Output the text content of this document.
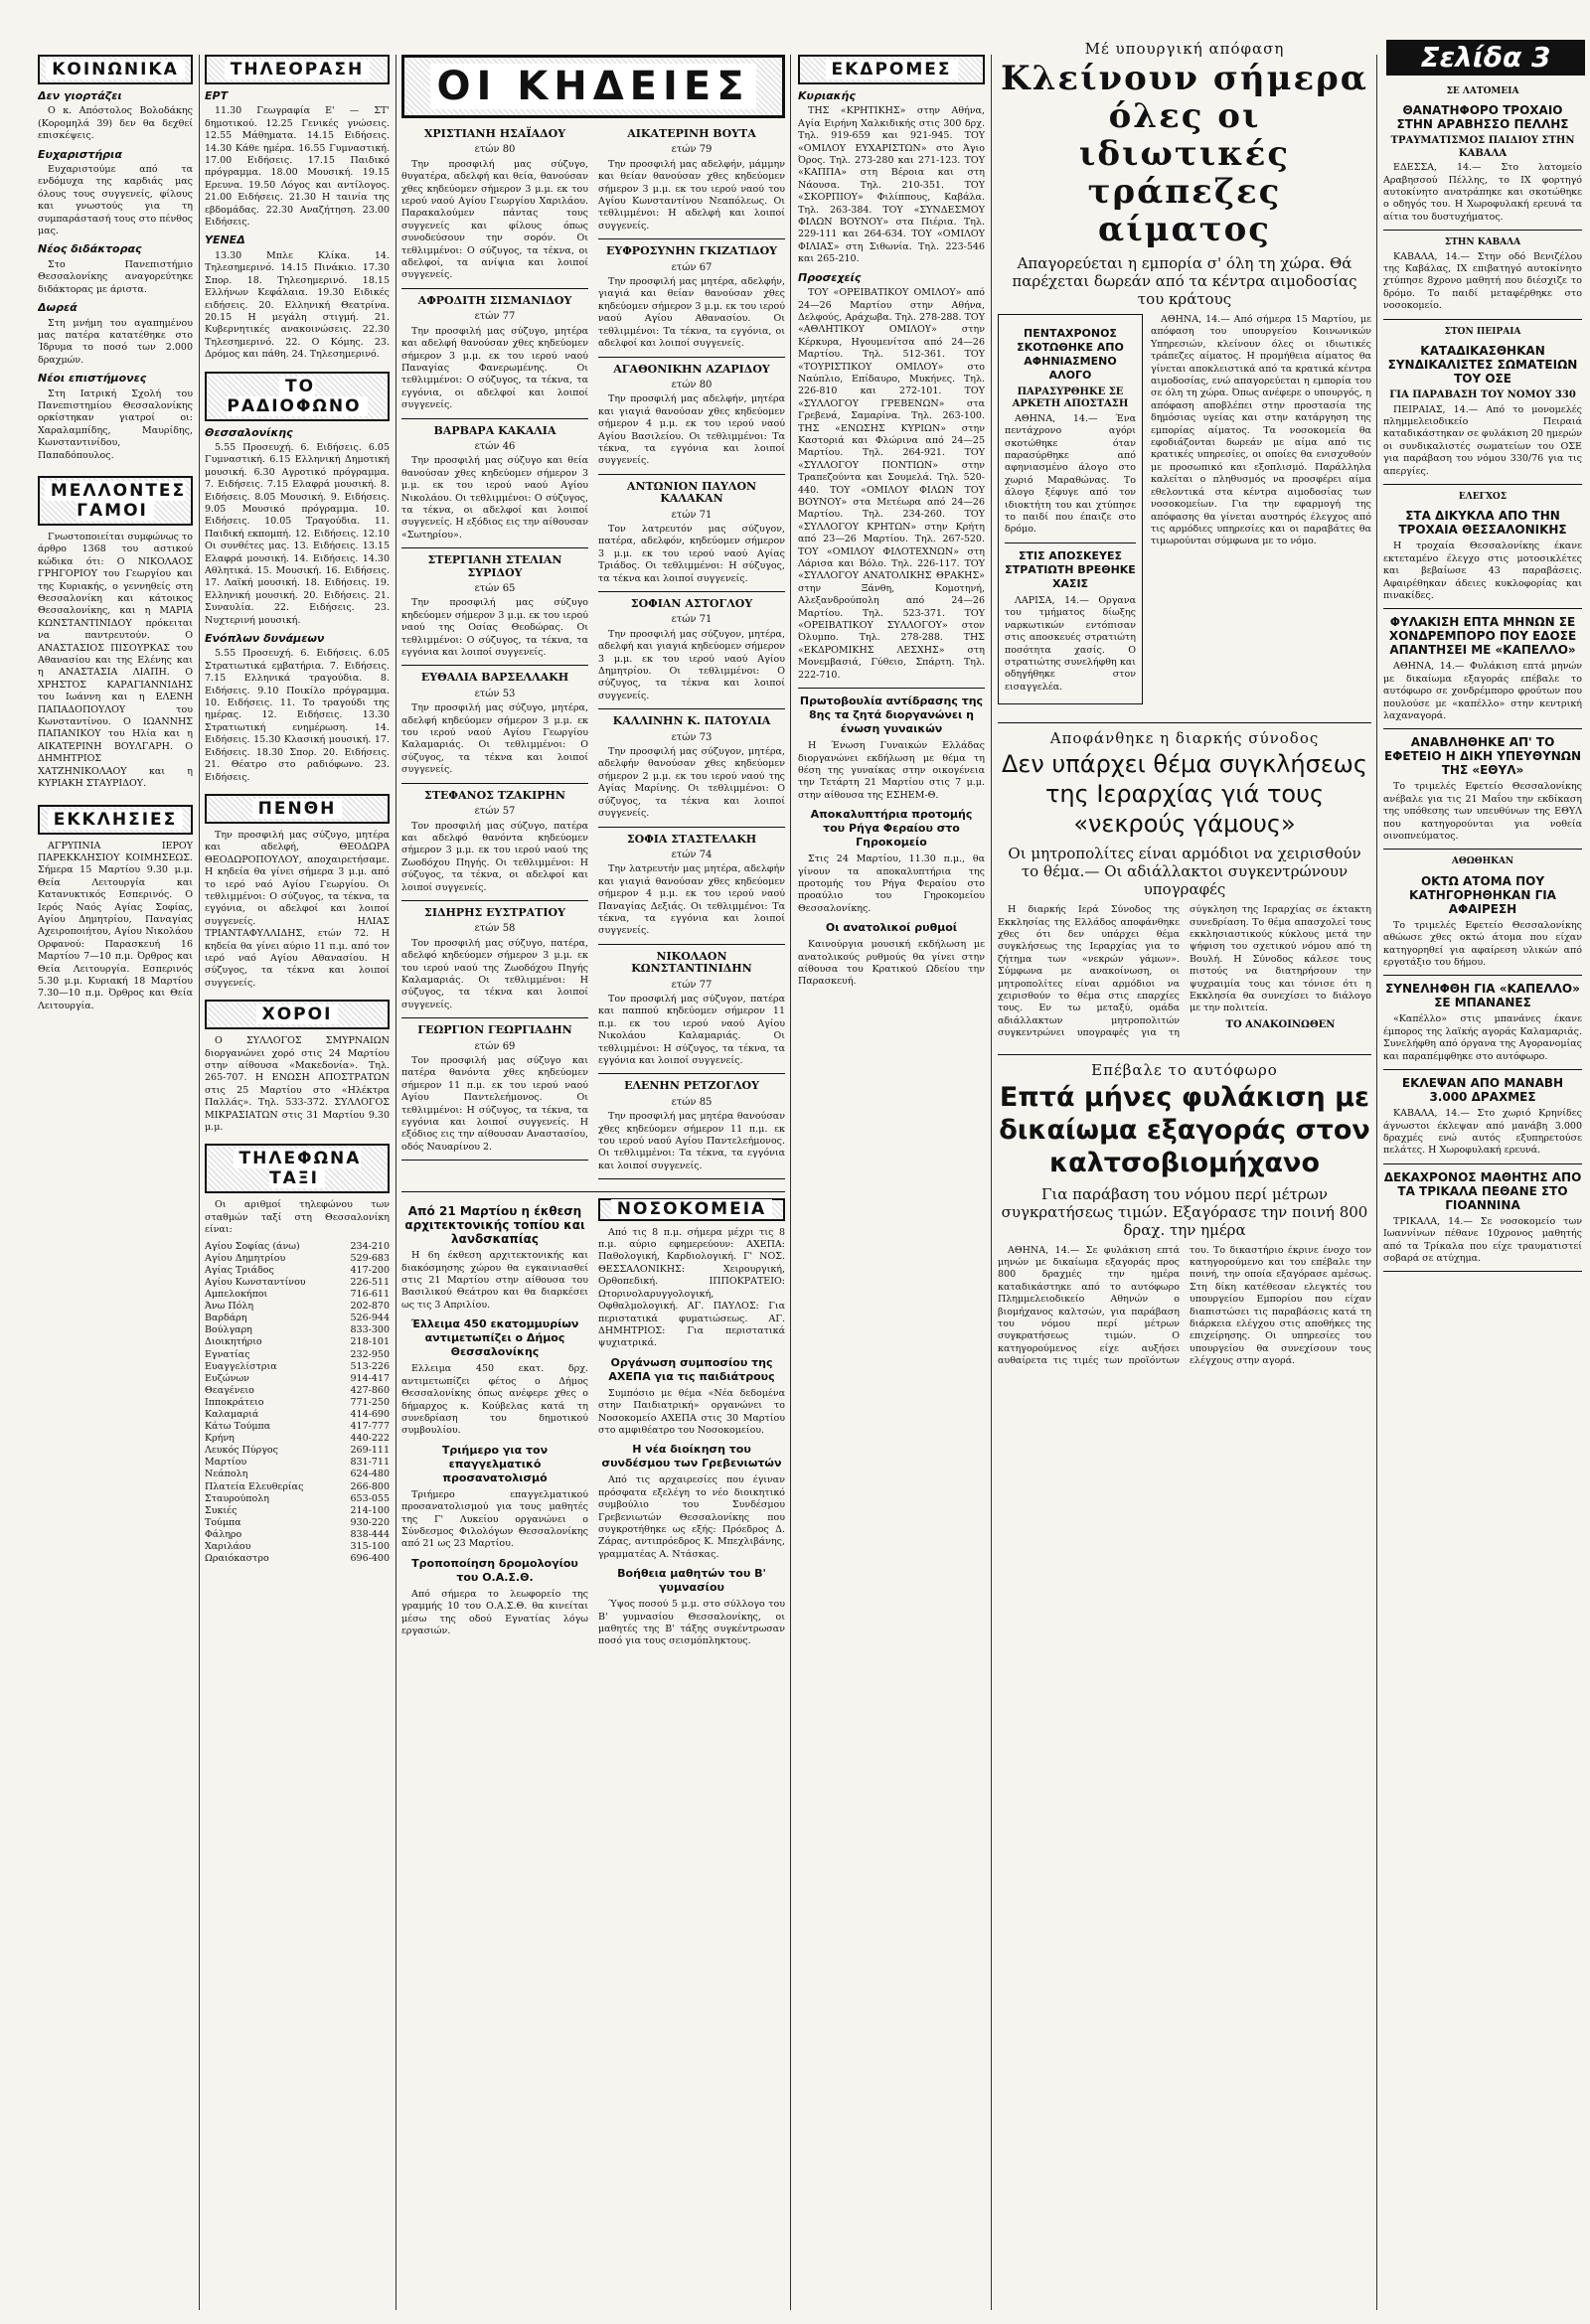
ΚΟΙΝΩΝΙΚΑ
Δεν γιορτάζει

Ο κ. Απόστολος Βολοδάκης (Κορομηλά 39) δεν θα δεχθεί επισκέψεις.

Ευχαριστήρια

Ευχαριστούμε από τα ενδόμυχα της καρδιάς μας όλους τους συγγενείς, φίλους και γνωστούς για τη συμπαράστασή τους στο πένθος μας.

Νέος διδάκτορας

Στο Πανεπιστήμιο Θεσσαλονίκης αναγορεύτηκε διδάκτορας με άριστα.

Δωρεά

Στη μνήμη του αγαπημένου μας πατέρα κατατέθηκε στο Ίδρυμα το ποσό των 2.000 δραχμών.

Νέοι επιστήμονες

Στη Ιατρική Σχολή του Πανεπιστημίου Θεσσαλονίκης ορκίστηκαν γιατροί οι: Χαραλαμπίδης, Μαυρίδης, Κωνσταντινίδου, Παπαδόπουλος.

ΜΕΛΛΟΝΤΕΣ ΓΑΜΟΙ

Γνωστοποιείται συμφώνως το άρθρο 1368 του αστικού κώδικα ότι: Ο ΝΙΚΟΛΑΟΣ ΓΡΗΓΟΡΙΟΥ του Γεωργίου και της Κυριακής, ο γεννηθείς στη Θεσσαλονίκη και κάτοικος Θεσσαλονίκης, και η ΜΑΡΙΑ ΚΩΝΣΤΑΝΤΙΝΙΔΟΥ πρόκειται να παντρευτούν. Ο ΑΝΑΣΤΑΣΙΟΣ ΠΙΣΟΥΡΚΑΣ του Αθανασίου και της Ελένης και η ΑΝΑΣΤΑΣΙΑ ΛΙΑΠΗ. Ο ΧΡΗΣΤΟΣ ΚΑΡΑΓΙΑΝΝΙΔΗΣ του Ιωάννη και η ΕΛΕΝΗ ΠΑΠΑΔΟΠΟΥΛΟΥ του Κωνσταντίνου. Ο ΙΩΑΝΝΗΣ ΠΑΠΑΝΙΚΟΥ του Ηλία και η ΑΙΚΑΤΕΡΙΝΗ ΒΟΥΛΓΑΡΗ. Ο ΔΗΜΗΤΡΙΟΣ ΧΑΤΖΗΝΙΚΟΛΑΟΥ και η ΚΥΡΙΑΚΗ ΣΤΑΥΡΙΔΟΥ.

ΕΚΚΛΗΣΙΕΣ

ΑΓΡΥΠΝΙΑ ΙΕΡΟΥ ΠΑΡΕΚΚΛΗΣΙΟΥ ΚΟΙΜΗΣΕΩΣ. Σήμερα 15 Μαρτίου 9.30 μ.μ. Θεία Λειτουργία και Κατανυκτικός Εσπερινός. Ο Ιερός Ναός Αγίας Σοφίας, Αγίου Δημητρίου, Παναγίας Αχειροποιήτου, Αγίου Νικολάου Ορφανού: Παρασκευή 16 Μαρτίου 7—10 π.μ. Όρθρος και Θεία Λειτουργία. Εσπερινός 5.30 μ.μ. Κυριακή 18 Μαρτίου 7.30—10 π.μ. Όρθρος και Θεία Λειτουργία.

ΤΗΛΕΟΡΑΣΗ
ΕΡΤ

11.30 Γεωγραφία Ε' — ΣΤ' δημοτικού. 12.25 Γενικές γνώσεις. 12.55 Μάθηματα. 14.15 Ειδήσεις. 14.30 Κάθε ημέρα. 16.55 Γυμναστική. 17.00 Ειδήσεις. 17.15 Παιδικό πρόγραμμα. 18.00 Μουσική. 19.15 Ερευνα. 19.50 Λόγος και αντίλογος. 21.00 Ειδήσεις. 21.30 Η ταινία της εβδομάδας. 22.30 Αναζήτηση. 23.00 Ειδήσεις.

ΥΕΝΕΔ

13.30 Μπλε Κλίκα. 14. Τηλεσημερινό. 14.15 Πινάκιο. 17.30 Σπορ. 18. Τηλεσημερινό. 18.15 Ελλήνων Κεφάλαια. 19.30 Ειδικές ειδήσεις. 20. Ελληνική Θεατρίνα. 20.15 Η μεγάλη στιγμή. 21. Κυβερνητικές ανακοινώσεις. 22.30 Τηλεσημερινό. 22. Ο Κόμης. 23. Δρόμος και πάθη. 24. Τηλεσημερινό.

ΤΟ ΡΑΔΙΟΦΩΝΟ
Θεσσαλονίκης

5.55 Προσευχή. 6. Ειδήσεις. 6.05 Γυμναστική. 6.15 Ελληνική Δημοτική μουσική. 6.30 Αγροτικό πρόγραμμα. 7. Ειδήσεις. 7.15 Ελαφρά μουσική. 8. Ειδήσεις. 8.05 Μουσική. 9. Ειδήσεις. 9.05 Μουσικό πρόγραμμα. 10. Ειδήσεις. 10.05 Τραγούδια. 11. Παιδική εκπομπή. 12. Ειδήσεις. 12.10 Οι συνθέτες μας. 13. Ειδήσεις. 13.15 Ελαφρά μουσική. 14. Ειδήσεις. 14.30 Αθλητικά. 15. Μουσική. 16. Ειδήσεις. 17. Λαϊκή μουσική. 18. Ειδήσεις. 19. Ελληνική μουσική. 20. Ειδήσεις. 21. Συναυλία. 22. Ειδήσεις. 23. Νυχτερινή μουσική.

Ενόπλων δυνάμεων

5.55 Προσευχή. 6. Ειδήσεις. 6.05 Στρατιωτικά εμβατήρια. 7. Ειδήσεις. 7.15 Ελληνικά τραγούδια. 8. Ειδήσεις. 9.10 Ποικίλο πρόγραμμα. 10. Ειδήσεις. 11. Το τραγούδι της ημέρας. 12. Ειδήσεις. 13.30 Στρατιωτική ενημέρωση. 14. Ειδήσεις. 15.30 Κλασική μουσική. 17. Ειδήσεις. 18.30 Σπορ. 20. Ειδήσεις. 21. Θέατρο στο ραδιόφωνο. 23. Ειδήσεις.

ΠΕΝΘΗ

Την προσφιλή μας σύζυγο, μητέρα και αδελφή, ΘΕΟΔΩΡΑ ΘΕΟΔΩΡΟΠΟΥΛΟΥ, αποχαιρετήσαμε. Η κηδεία θα γίνει σήμερα 3 μ.μ. από το ιερό ναό Αγίου Γεωργίου. Οι τεθλιμμένοι: Ο σύζυγος, τα τέκνα, τα εγγόνια, οι αδελφοί και λοιποί συγγενείς. ΗΛΙΑΣ ΤΡΙΑΝΤΑΦΥΛΛΙΔΗΣ, ετών 72. Η κηδεία θα γίνει αύριο 11 π.μ. από τον ιερό ναό Αγίου Αθανασίου. Η σύζυγος, τα τέκνα και λοιποί συγγενείς.

ΧΟΡΟΙ

Ο ΣΥΛΛΟΓΟΣ ΣΜΥΡΝΑΙΩΝ διοργανώνει χορό στις 24 Μαρτίου στην αίθουσα «Μακεδονία». Τηλ. 265-707. Η ΕΝΩΣΗ ΑΠΟΣΤΡΑΤΩΝ στις 25 Μαρτίου στο «Ηλέκτρα Παλλάς». Τηλ. 533-372. ΣΥΛΛΟΓΟΣ ΜΙΚΡΑΣΙΑΤΩΝ στις 31 Μαρτίου 9.30 μ.μ.

ΤΗΛΕΦΩΝΑ ΤΑΞΙ

Οι αριθμοί τηλεφώνου των σταθμών ταξί στη Θεσσαλονίκη είναι:

Αγίου Σοφίας (άνω)	234-210
Αγίου Δημητρίου	529-683
Αγίας Τριάδος	417-200
Αγίου Κωνσταντίνου	226-511
Αμπελοκήποι	716-611
Άνω Πόλη	202-870
Βαρδάρη	526-944
Βούλγαρη	833-300
Διοικητήριο	218-101
Εγνατίας	232-950
Ευαγγελίστρια	513-226
Ευζώνων	914-417
Θεαγένειο	427-860
Ιπποκράτειο	771-250
Καλαμαριά	414-690
Κάτω Τούμπα	417-777
Κρήνη	440-222
Λευκός Πύργος	269-111
Μαρτίου	831-711
Νεάπολη	624-480
Πλατεία Ελευθερίας	266-800
Σταυρούπολη	653-055
Συκιές	214-100
Τούμπα	930-220
Φάληρο	838-444
Χαριλάου	315-100
Ωραιόκαστρο	696-400
ΟΙ ΚΗΔΕΙΕΣ
ΧΡΙΣΤΙΑΝΗ ΗΣΑΪΑΔΟΥ
ετών 80

Την προσφιλή μας σύζυγο, θυγατέρα, αδελφή και θεία, θανούσαν χθες κηδεύομεν σήμερον 3 μ.μ. εκ του ιερού ναού Αγίου Γεωργίου Χαριλάου. Παρακαλούμεν πάντας τους συγγενείς και φίλους όπως συνοδεύσουν την σορόν. Οι τεθλιμμένοι: Ο σύζυγος, τα τέκνα, οι αδελφοί, τα ανίψια και λοιποί συγγενείς.

ΑΦΡΟΔΙΤΗ ΣΙΣΜΑΝΙΔΟΥ
ετών 77

Την προσφιλή μας σύζυγο, μητέρα και αδελφή θανούσαν χθες κηδεύομεν σήμερον 3 μ.μ. εκ του ιερού ναού Παναγίας Φανερωμένης. Οι τεθλιμμένοι: Ο σύζυγος, τα τέκνα, τα εγγόνια, οι αδελφοί και λοιποί συγγενείς.

ΒΑΡΒΑΡΑ ΚΑΚΑΛΙΑ
ετών 46

Την προσφιλή μας σύζυγο και θεία θανούσαν χθες κηδεύομεν σήμερον 3 μ.μ. εκ του ιερού ναού Αγίου Νικολάου. Οι τεθλιμμένοι: Ο σύζυγος, τα τέκνα, οι αδελφοί και λοιποί συγγενείς. Η εξόδιος εις την αίθουσαν «Σωτηρίου».

ΣΤΕΡΓΙΑΝΗ ΣΤΕΛΙΑΝ ΣΥΡΙΔΟΥ
ετών 65

Την προσφιλή μας σύζυγο κηδεύομεν σήμερον 3 μ.μ. εκ του ιερού ναού της Οσίας Θεοδώρας. Οι τεθλιμμένοι: Ο σύζυγος, τα τέκνα, τα εγγόνια και λοιποί συγγενείς.

ΕΥΘΑΛΙΑ ΒΑΡΣΕΛΛΑΚΗ
ετών 53

Την προσφιλή μας σύζυγο, μητέρα, αδελφή κηδεύομεν σήμερον 3 μ.μ. εκ του ιερού ναού Αγίου Γεωργίου Καλαμαριάς. Οι τεθλιμμένοι: Ο σύζυγος, τα τέκνα και λοιποί συγγενείς.

ΣΤΕΦΑΝΟΣ ΤΖΑΚΙΡΗΝ
ετών 57

Τον προσφιλή μας σύζυγο, πατέρα και αδελφό θανόντα κηδεύομεν σήμερον 3 μ.μ. εκ του ιερού ναού της Ζωοδόχου Πηγής. Οι τεθλιμμένοι: Η σύζυγος, τα τέκνα, οι αδελφοί και λοιποί συγγενείς.

ΣΙΔΗΡΗΣ ΕΥΣΤΡΑΤΙΟΥ
ετών 58

Τον προσφιλή μας σύζυγο, πατέρα, αδελφό κηδεύομεν σήμερον 3 μ.μ. εκ του ιερού ναού της Ζωοδόχου Πηγής Καλαμαριάς. Οι τεθλιμμένοι: Η σύζυγος, τα τέκνα και λοιποί συγγενείς.

ΓΕΩΡΓΙΟΝ ΓΕΩΡΓΙΑΔΗΝ
ετών 69

Τον προσφιλή μας σύζυγο και πατέρα θανόντα χθες κηδεύομεν σήμερον 11 π.μ. εκ του ιερού ναού Αγίου Παντελεήμονος. Οι τεθλιμμένοι: Η σύζυγος, τα τέκνα, τα εγγόνια και λοιποί συγγενείς. Η εξόδιος εις την αίθουσαν Αναστασίου, οδός Ναυαρίνου 2.

ΑΙΚΑΤΕΡΙΝΗ ΒΟΥΤΑ
ετών 79

Την προσφιλή μας αδελφήν, μάμμην και θείαν θανούσαν χθες κηδεύομεν σήμερον 3 μ.μ. εκ του ιερού ναού του Αγίου Κωνσταντίνου Νεαπόλεως. Οι τεθλιμμένοι: Η αδελφή και λοιποί συγγενείς.

ΕΥΦΡΟΣΥΝΗΝ ΓΚΙΖΑΤΙΔΟΥ
ετών 67

Την προσφιλή μας μητέρα, αδελφήν, γιαγιά και θείαν θανούσαν χθες κηδεύομεν σήμερον 3 μ.μ. εκ του ιερού ναού Αγίου Αθανασίου. Οι τεθλιμμένοι: Τα τέκνα, τα εγγόνια, οι αδελφοί και λοιποί συγγενείς.

ΑΓΑΘΟΝΙΚΗΝ ΑΖΑΡΙΔΟΥ
ετών 80

Την προσφιλή μας αδελφήν, μητέρα και γιαγιά θανούσαν χθες κηδεύομεν σήμερον 4 μ.μ. εκ του ιερού ναού Αγίου Βασιλείου. Οι τεθλιμμένοι: Τα τέκνα, τα εγγόνια και λοιποί συγγενείς.

ΑΝΤΩΝΙΟΝ ΠΑΥΛΟΝ ΚΑΛΑΚΑΝ
ετών 71

Τον λατρευτόν μας σύζυγον, πατέρα, αδελφόν, κηδεύομεν σήμερον 3 μ.μ. εκ του ιερού ναού Αγίας Τριάδος. Οι τεθλιμμένοι: Η σύζυγος, τα τέκνα και λοιποί συγγενείς.

ΣΟΦΙΑΝ ΑΣΤΟΓΛΟΥ
ετών 71

Την προσφιλή μας σύζυγον, μητέρα, αδελφή και γιαγιά κηδεύομεν σήμερον 3 μ.μ. εκ του ιερού ναού Αγίου Δημητρίου. Οι τεθλιμμένοι: Ο σύζυγος, τα τέκνα και λοιποί συγγενείς.

ΚΑΛΛΙΝΗΝ Κ. ΠΑΤΟΥΛΙΑ
ετών 73

Την προσφιλή μας σύζυγον, μητέρα, αδελφήν θανούσαν χθες κηδεύομεν σήμερον 2 μ.μ. εκ του ιερού ναού της Αγίας Μαρίνης. Οι τεθλιμμένοι: Ο σύζυγος, τα τέκνα και λοιποί συγγενείς.

ΣΟΦΙΑ ΣΤΑΣΤΕΛΑΚΗ
ετών 74

Την λατρευτήν μας μητέρα, αδελφήν και γιαγιά θανούσαν χθες κηδεύομεν σήμερον 4 μ.μ. εκ του ιερού ναού Παναγίας Δεξιάς. Οι τεθλιμμένοι: Τα τέκνα, τα εγγόνια και λοιποί συγγενείς.

ΝΙΚΟΛΑΟΝ ΚΩΝΣΤΑΝΤΙΝΙΔΗΝ
ετών 77

Τον προσφιλή μας σύζυγον, πατέρα και παππού κηδεύομεν σήμερον 11 π.μ. εκ του ιερού ναού Αγίου Νικολάου Καλαμαριάς. Οι τεθλιμμένοι: Η σύζυγος, τα τέκνα, τα εγγόνια και λοιποί συγγενείς.

ΕΛΕΝΗΝ ΡΕΤΖΟΓΛΟΥ
ετών 85

Την προσφιλή μας μητέρα θανούσαν χθες κηδεύομεν σήμερον 11 π.μ. εκ του ιερού ναού Αγίου Παντελεήμονος. Οι τεθλιμμένοι: Τα τέκνα, τα εγγόνια και λοιποί συγγενείς.

Από 21 Μαρτίου η έκθεση αρχιτεκτονικής τοπίου και λανδσκαπίας

Η 6η έκθεση αρχιτεκτονικής και διακόσμησης χώρου θα εγκαινιασθεί στις 21 Μαρτίου στην αίθουσα του Βασιλικού Θεάτρου και θα διαρκέσει ως τις 3 Απριλίου.

Έλλειμα 450 εκατομμυρίων αντιμετωπίζει ο Δήμος Θεσσαλονίκης

Ελλειμα 450 εκατ. δρχ. αντιμετωπίζει φέτος ο Δήμος Θεσσαλονίκης όπως ανέφερε χθες ο δήμαρχος κ. Κούβελας κατά τη συνεδρίαση του δημοτικού συμβουλίου.

Τριήμερο για τον επαγγελματικό προσανατολισμό

Τριήμερο επαγγελματικού προσανατολισμού για τους μαθητές της Γ' Λυκείου οργανώνει ο Σύνδεσμος Φιλολόγων Θεσσαλονίκης από 21 ως 23 Μαρτίου.

Τροποποίηση δρομολογίου του Ο.Α.Σ.Θ.

Από σήμερα το λεωφορείο της γραμμής 10 του Ο.Α.Σ.Θ. θα κινείται μέσω της οδού Εγνατίας λόγω εργασιών.

ΝΟΣΟΚΟΜΕΙΑ

Από τις 8 π.μ. σήμερα μέχρι τις 8 π.μ. αύριο εφημερεύουν: ΑΧΕΠΑ: Παθολογική, Καρδιολογική. Γ' ΝΟΣ. ΘΕΣΣΑΛΟΝΙΚΗΣ: Χειρουργική, Ορθοπεδική. ΙΠΠΟΚΡΑΤΕΙΟ: Ωτορινολαρυγγολογική, Οφθαλμολογική. ΑΓ. ΠΑΥΛΟΣ: Για περιστατικά φυματιώσεως. ΑΓ. ΔΗΜΗΤΡΙΟΣ: Για περιστατικά ψυχιατρικά.

Οργάνωση συμποσίου της ΑΧΕΠΑ για τις παιδιάτρους

Συμπόσιο με θέμα «Νέα δεδομένα στην Παιδιατρική» οργανώνει το Νοσοκομείο ΑΧΕΠΑ στις 30 Μαρτίου στο αμφιθέατρο του Νοσοκομείου.

Η νέα διοίκηση του συνδέσμου των Γρεβενιωτών

Από τις αρχαιρεσίες που έγιναν πρόσφατα εξελέγη το νέο διοικητικό συμβούλιο του Συνδέσμου Γρεβενιωτών Θεσσαλονίκης που συγκροτήθηκε ως εξής: Πρόεδρος Δ. Ζάρας, αντιπρόεδρος Κ. Μπεχλιβάνης, γραμματέας Α. Ντάσκας.

Βοήθεια μαθητών του Β' γυμνασίου

Ύψος ποσού 5 μ.μ. στο σύλλογο του Β' γυμνασίου Θεσσαλονίκης, οι μαθητές της Β' τάξης συγκέντρωσαν ποσό για τους σεισμόπληκτους.

ΕΚΔΡΟΜΕΣ
Κυριακής

ΤΗΣ «ΚΡΗΤΙΚΗΣ» στην Αθήνα, Αγία Ειρήνη Χαλκιδικής στις 300 δρχ. Τηλ. 919-659 και 921-945. ΤΟΥ «ΟΜΙΛΟΥ ΕΥΧΑΡΙΣΤΩΝ» στο Άγιο Όρος. Τηλ. 273-280 και 271-123. ΤΟΥ «ΚΑΠΠΑ» στη Βέροια και στη Νάουσα. Τηλ. 210-351. ΤΟΥ «ΣΚΟΡΠΙΟΥ» Φιλίππους, Καβάλα. Τηλ. 263-384. ΤΟΥ «ΣΥΝΔΕΣΜΟΥ ΦΙΛΩΝ ΒΟΥΝΟΥ» στα Πιέρια. Τηλ. 229-111 και 264-634. ΤΟΥ «ΟΜΙΛΟΥ ΦΙΛΙΑΣ» στη Σιθωνία. Τηλ. 223-546 και 265-210.

Προσεχείς

ΤΟΥ «ΟΡΕΙΒΑΤΙΚΟΥ ΟΜΙΛΟΥ» από 24—26 Μαρτίου στην Αθήνα, Δελφούς, Αράχωβα. Τηλ. 278-288. ΤΟΥ «ΑΘΛΗΤΙΚΟΥ ΟΜΙΛΟΥ» στην Κέρκυρα, Ηγουμενίτσα από 24—26 Μαρτίου. Τηλ. 512-361. ΤΟΥ «ΤΟΥΡΙΣΤΙΚΟΥ ΟΜΙΛΟΥ» στο Ναύπλιο, Επίδαυρο, Μυκήνες. Τηλ. 226-810 και 272-101. ΤΟΥ «ΣΥΛΛΟΓΟΥ ΓΡΕΒΕΝΩΝ» στα Γρεβενά, Σαμαρίνα. Τηλ. 263-100. ΤΗΣ «ΕΝΩΣΗΣ ΚΥΡΙΩΝ» στην Καστοριά και Φλώρινα από 24—25 Μαρτίου. Τηλ. 264-921. ΤΟΥ «ΣΥΛΛΟΓΟΥ ΠΟΝΤΙΩΝ» στην Τραπεζούντα και Σουμελά. Τηλ. 520-440. ΤΟΥ «ΟΜΙΛΟΥ ΦΙΛΩΝ ΤΟΥ ΒΟΥΝΟΥ» στα Μετέωρα από 24—26 Μαρτίου. Τηλ. 234-260. ΤΟΥ «ΣΥΛΛΟΓΟΥ ΚΡΗΤΩΝ» στην Κρήτη από 23—26 Μαρτίου. Τηλ. 267-520. ΤΟΥ «ΟΜΙΛΟΥ ΦΙΛΟΤΕΧΝΩΝ» στη Λάρισα και Βόλο. Τηλ. 226-117. ΤΟΥ «ΣΥΛΛΟΓΟΥ ΑΝΑΤΟΛΙΚΗΣ ΘΡΑΚΗΣ» στην Ξάνθη, Κομοτηνή, Αλεξανδρούπολη από 24—26 Μαρτίου. Τηλ. 523-371. ΤΟΥ «ΟΡΕΙΒΑΤΙΚΟΥ ΣΥΛΛΟΓΟΥ» στον Όλυμπο. Τηλ. 278-288. ΤΗΣ «ΕΚΔΡΟΜΙΚΗΣ ΛΕΣΧΗΣ» στη Μονεμβασιά, Γύθειο, Σπάρτη. Τηλ. 222-710.

Πρωτοβουλία αντίδρασης της 8ης τα ζητά διοργανώνει η ένωση γυναικών

Η Ένωση Γυναικών Ελλάδας διοργανώνει εκδήλωση με θέμα τη θέση της γυναίκας στην οικογένεια την Τετάρτη 21 Μαρτίου στις 7 μ.μ. στην αίθουσα της ΕΣΗΕΜ-Θ.

Αποκαλυπτήρια προτομής του Ρήγα Φεραίου στο Γηροκομείο

Στις 24 Μαρτίου, 11.30 π.μ., θα γίνουν τα αποκαλυπτήρια της προτομής του Ρήγα Φεραίου στο προαύλιο του Γηροκομείου Θεσσαλονίκης.

Οι ανατολικοί ρυθμοί

Καινούργια μουσική εκδήλωση με ανατολικούς ρυθμούς θα γίνει στην αίθουσα του Κρατικού Ωδείου την Παρασκευή.

Μέ υπουργική απόφαση
Κλείνουν σήμερα όλες οι ιδιωτικές τράπεζες αίματος
Απαγορεύεται η εμπορία σ' όλη τη χώρα. Θά παρέχεται δωρεάν από τα κέντρα αιμοδοσίας του κράτους
ΠΕΝΤΑΧΡΟΝΟΣ ΣΚΟΤΩΘΗΚΕ ΑΠΟ ΑΦΗΝΙΑΣΜΕΝΟ ΑΛΟΓΟ
ΠΑΡΑΣΥΡΘΗΚΕ ΣΕ ΑΡΚΕΤΗ ΑΠΟΣΤΑΣΗ

ΑΘΗΝΑ, 14.— Ένα πεντάχρονο αγόρι σκοτώθηκε όταν παρασύρθηκε από αφηνιασμένο άλογο στο χωριό Μαραθώνας. Το άλογο ξέφυγε από τον ιδιοκτήτη του και χτύπησε το παιδί που έπαιζε στο δρόμο.

ΣΤΙΣ ΑΠΟΣΚΕΥΕΣ ΣΤΡΑΤΙΩΤΗ ΒΡΕΘΗΚΕ ΧΑΣΙΣ

ΛΑΡΙΣΑ, 14.— Οργανα του τμήματος δίωξης ναρκωτικών εντόπισαν στις αποσκευές στρατιώτη ποσότητα χασίς. Ο στρατιώτης συνελήφθη και οδηγήθηκε στον εισαγγελέα.

ΑΘΗΝΑ, 14.— Από σήμερα 15 Μαρτίου, με απόφαση του υπουργείου Κοινωνικών Υπηρεσιών, κλείνουν όλες οι ιδιωτικές τράπεζες αίματος. Η προμήθεια αίματος θα γίνεται αποκλειστικά από τα κρατικά κέντρα αιμοδοσίας, ενώ απαγορεύεται η εμπορία του σε όλη τη χώρα. Όπως ανέφερε ο υπουργός, η απόφαση αποβλέπει στην προστασία της δημόσιας υγείας και στην κατάργηση της εμπορίας αίματος. Τα νοσοκομεία θα εφοδιάζονται δωρεάν με αίμα από τις κρατικές υπηρεσίες, οι οποίες θα ενισχυθούν με προσωπικό και εξοπλισμό. Παράλληλα καλείται ο πληθυσμός να προσφέρει αίμα εθελοντικά στα κέντρα αιμοδοσίας των νοσοκομείων. Για την εφαρμογή της απόφασης θα γίνεται αυστηρός έλεγχος από τις αρμόδιες υπηρεσίες και οι παραβάτες θα τιμωρούνται σύμφωνα με το νόμο.

Αποφάνθηκε η διαρκής σύνοδος
Δεν υπάρχει θέμα συγκλήσεως της Ιεραρχίας γιά τους «νεκρούς γάμους»
Οι μητροπολίτες είναι αρμόδιοι να χειρισθούν το θέμα.— Οι αδιάλλακτοι συγκεντρώνουν υπογραφές

Η διαρκής Ιερά Σύνοδος της Εκκλησίας της Ελλάδος αποφάνθηκε χθες ότι δεν υπάρχει θέμα συγκλήσεως της Ιεραρχίας για το ζήτημα των «νεκρών γάμων». Σύμφωνα με ανακοίνωση, οι μητροπολίτες είναι αρμόδιοι να χειρισθούν το θέμα στις επαρχίες τους. Εν τω μεταξύ, ομάδα αδιάλλακτων μητροπολιτών συγκεντρώνει υπογραφές για τη σύγκληση της Ιεραρχίας σε έκτακτη συνεδρίαση. Το θέμα απασχολεί τους εκκλησιαστικούς κύκλους μετά την ψήφιση του σχετικού νόμου από τη Βουλή. Η Σύνοδος κάλεσε τους πιστούς να διατηρήσουν την ψυχραιμία τους και τόνισε ότι η Εκκλησία θα συνεχίσει το διάλογο με την πολιτεία.

ΤΟ ΑΝΑΚΟΙΝΩΘΕΝ
Επέβαλε το αυτόφωρο
Επτά μήνες φυλάκιση με δικαίωμα εξαγοράς στον καλτσοβιομήχανο
Για παράβαση του νόμου περί μέτρων συγκρατήσεως τιμών. Εξαγόρασε την ποινή 800 δραχ. την ημέρα

ΑΘΗΝΑ, 14.— Σε φυλάκιση επτά μηνών με δικαίωμα εξαγοράς προς 800 δραχμές την ημέρα καταδικάστηκε από το αυτόφωρο Πλημμελειοδικείο Αθηνών ο βιομήχανος καλτσών, για παράβαση του νόμου περί μέτρων συγκρατήσεως τιμών. Ο κατηγορούμενος είχε αυξήσει αυθαίρετα τις τιμές των προϊόντων του. Το δικαστήριο έκρινε ένοχο τον κατηγορούμενο και του επέβαλε την ποινή, την οποία εξαγόρασε αμέσως. Στη δίκη κατέθεσαν ελεγκτές του υπουργείου Εμπορίου που είχαν διαπιστώσει τις παραβάσεις κατά τη διάρκεια ελέγχου στις αποθήκες της επιχείρησης. Οι υπηρεσίες του υπουργείου θα συνεχίσουν τους ελέγχους στην αγορά.

Σελίδα 3
ΣΕ ΛΑΤΟΜΕΙΑ
ΘΑΝΑΤΗΦΟΡΟ ΤΡΟΧΑΙΟ ΣΤΗΝ ΑΡΑΒΗΣΣΟ ΠΕΛΛΗΣ
ΤΡΑΥΜΑΤΙΣΜΟΣ ΠΑΙΔΙΟΥ ΣΤΗΝ ΚΑΒΑΛΑ

ΕΔΕΣΣΑ, 14.— Στο λατομείο Αραβησσού Πέλλης, το ΙΧ φορτηγό αυτοκίνητο ανατράπηκε και σκοτώθηκε ο οδηγός του. Η Χωροφυλακή ερευνά τα αίτια του δυστυχήματος.

ΣΤΗΝ ΚΑΒΑΛΑ

ΚΑΒΑΛΑ, 14.— Στην οδό Βενιζέλου της Καβάλας, ΙΧ επιβατηγό αυτοκίνητο χτύπησε 8χρονο μαθητή που διέσχιζε το δρόμο. Το παιδί μεταφέρθηκε στο νοσοκομείο.

ΣΤΟΝ ΠΕΙΡΑΙΑ
ΚΑΤΑΔΙΚΑΣΘΗΚΑΝ ΣΥΝΔΙΚΑΛΙΣΤΕΣ ΣΩΜΑΤΕΙΩΝ ΤΟΥ ΟΣΕ
ΓΙΑ ΠΑΡΑΒΑΣΗ ΤΟΥ ΝΟΜΟΥ 330

ΠΕΙΡΑΙΑΣ, 14.— Από το μονομελές πλημμελειοδικείο Πειραιά καταδικάστηκαν σε φυλάκιση 20 ημερών οι συνδικαλιστές σωματείων του ΟΣΕ για παράβαση του νόμου 330/76 για τις απεργίες.

ΕΛΕΓΧΟΣ
ΣΤΑ ΔΙΚΥΚΛΑ ΑΠΟ ΤΗΝ ΤΡΟΧΑΙΑ ΘΕΣΣΑΛΟΝΙΚΗΣ

Η τροχαία Θεσσαλονίκης έκανε εκτεταμένο έλεγχο στις μοτοσικλέτες και βεβαίωσε 43 παραβάσεις. Αφαιρέθηκαν άδειες κυκλοφορίας και πινακίδες.

ΦΥΛΑΚΙΣΗ ΕΠΤΑ ΜΗΝΩΝ ΣΕ ΧΟΝΔΡΕΜΠΟΡΟ ΠΟΥ ΕΔΟΣΕ ΑΠΑΝΤΗΣΕΙ ΜΕ «ΚΑΠΕΛΛΟ»

ΑΘΗΝΑ, 14.— Φυλάκιση επτά μηνών με δικαίωμα εξαγοράς επέβαλε το αυτόφωρο σε χονδρέμπορο φρούτων που πουλούσε με «καπέλλο» στην κεντρική λαχαναγορά.

ΑΝΑΒΛΗΘΗΚΕ ΑΠ' ΤΟ ΕΦΕΤΕΙΟ Η ΔΙΚΗ ΥΠΕΥΘΥΝΩΝ ΤΗΣ «ΕΘΥΛ»

Το τριμελές Εφετείο Θεσσαλονίκης ανέβαλε για τις 21 Μαΐου την εκδίκαση της υπόθεσης των υπευθύνων της ΕΘΥΛ που κατηγορούνται για νοθεία οινοπνεύματος.

ΑΘΩΘΗΚΑΝ
ΟΚΤΩ ΑΤΟΜΑ ΠΟΥ ΚΑΤΗΓΟΡΗΘΗΚΑΝ ΓΙΑ ΑΦΑΙΡΕΣΗ

Το τριμελές Εφετείο Θεσσαλονίκης αθώωσε χθες οκτώ άτομα που είχαν κατηγορηθεί για αφαίρεση υλικών από εργοτάξιο του δήμου.

ΣΥΝΕΛΗΦΘΗ ΓΙΑ «ΚΑΠΕΛΛΟ» ΣΕ ΜΠΑΝΑΝΕΣ

«Καπέλλο» στις μπανάνες έκανε έμπορος της λαϊκής αγοράς Καλαμαριάς. Συνελήφθη από όργανα της Αγορανομίας και παραπέμφθηκε στο αυτόφωρο.

ΕΚΛΕΨΑΝ ΑΠΟ ΜΑΝΑΒΗ 3.000 ΔΡΑΧΜΕΣ

ΚΑΒΑΛΑ, 14.— Στο χωριό Κρηνίδες άγνωστοι έκλεψαν από μανάβη 3.000 δραχμές ενώ αυτός εξυπηρετούσε πελάτες. Η Χωροφυλακή ερευνά.

ΔΕΚΑΧΡΟΝΟΣ ΜΑΘΗΤΗΣ ΑΠΟ ΤΑ ΤΡΙΚΑΛΑ ΠΕΘΑΝΕ ΣΤΟ ΓΙΟΑΝΝΙΝΑ

ΤΡΙΚΑΛΑ, 14.— Σε νοσοκομείο των Ιωαννίνων πέθανε 10χρονος μαθητής από τα Τρίκαλα που είχε τραυματιστεί σοβαρά σε ατύχημα.
